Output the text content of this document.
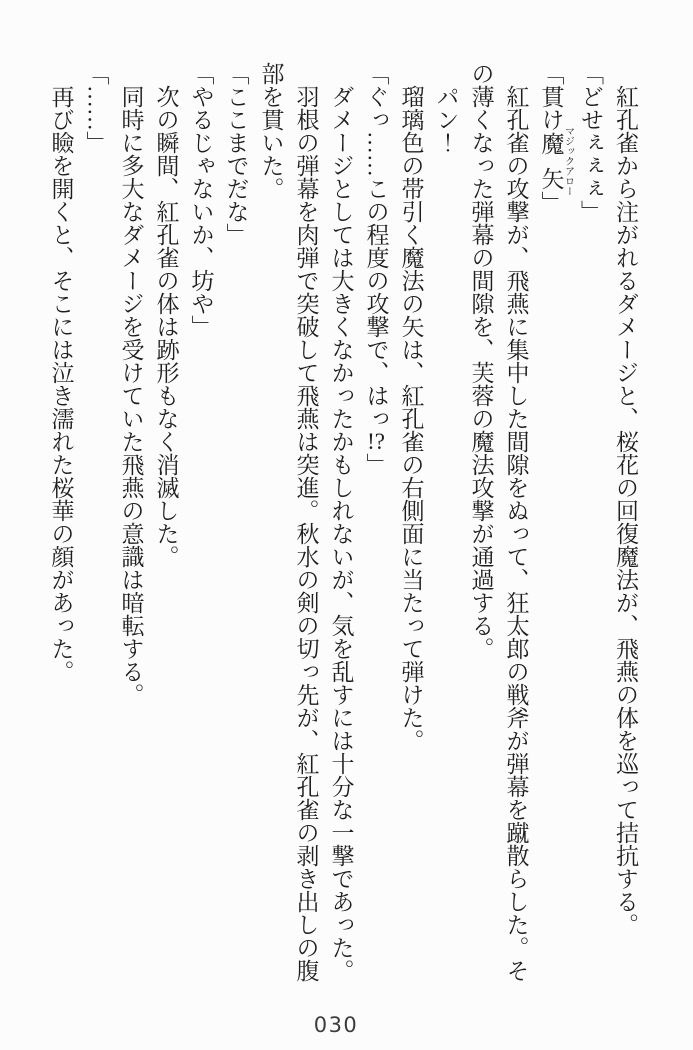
　紅孔雀から注がれるダメージと、桜花の回復魔法が、飛燕の体を巡って拮抗する。

「どせぇぇぇ」

「貫け魔矢 マジックアロー」

　紅孔雀の攻撃が、飛燕に集中した間隙をぬって、狂太郎の戦斧が弾幕を蹴散らした。その薄くなった弾幕の間隙を、芙蓉の魔法攻撃が通過する。

　パン！

　瑠璃色の帯引く魔法の矢は、紅孔雀の右側面に当たって弾けた。

「ぐっ……この程度の攻撃で、はっ!?」

　ダメージとしては大きくなかったかもしれないが、気を乱すには十分な一撃であった。

　羽根の弾幕を肉弾で突破して飛燕は突進。秋水の剣の切っ先が、紅孔雀の剥き出しの腹部を貫いた。

「ここまでだな」

「やるじゃないか、坊や」

　次の瞬間、紅孔雀の体は跡形もなく消滅した。

　同時に多大なダメージを受けていた飛燕の意識は暗転する。

「……」

　再び瞼を開くと、そこには泣き濡れた桜華の顔があった。

030
